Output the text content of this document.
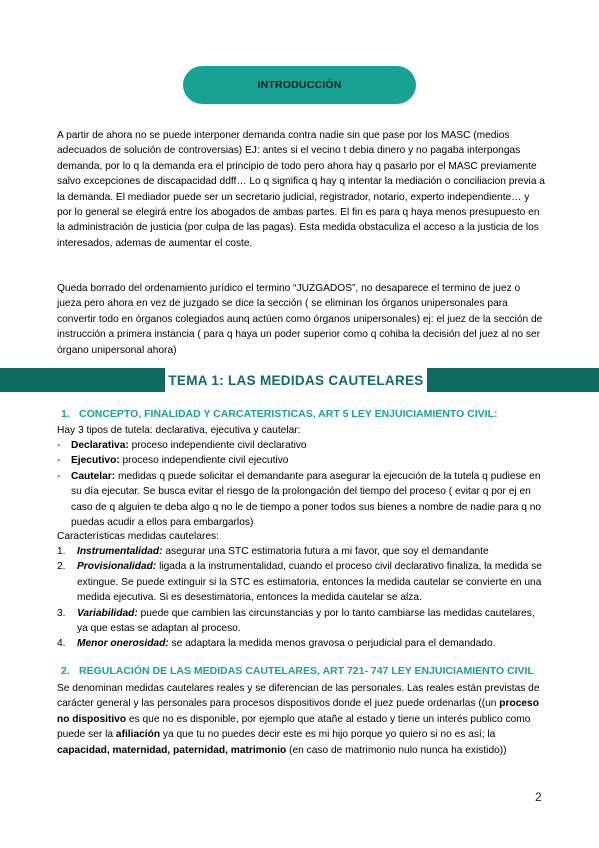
INTRODUCCIÓN

A partir de ahora no se puede interponer demanda contra nadie sin que pase por los MASC (medios adecuados de solución de controversias) EJ: antes si el vecino t debia dinero y no pagaba interpongas demanda, por lo q la demanda era el principio de todo pero ahora hay q pasarlo por el MASC previamente salvo excepciones de discapacidad ddff… Lo q significa q hay q intentar la mediación o conciliacion previa a la demanda. El mediador puede ser un secretario judicial, registrador, notario, experto independiente… y por lo general se elegirá entre los abogados de ambas partes. El fin es para q haya menos presupuesto en la administración de justicia (por culpa de las pagas). Esta medida obstaculiza el acceso a la justicia de los interesados, ademas de aumentar el coste.

Queda borrado del ordenamiento jurídico el termino “JUZGADOS”, no desaparece el termino de juez o jueza pero ahora en vez de juzgado se dice la sección ( se eliminan los órganos unipersonales para convertir todo en órganos colegiados aunq actúen como órganos unipersonales) ej: el juez de la sección de instrucción a primera instancia ( para q haya un poder superior como q cohiba la decisión del juez al no ser órgano unipersonal ahora)

TEMA 1: LAS MEDIDAS CAUTELARES

1. CONCEPTO, FINALIDAD Y CARCATERISTICAS, ART 5 LEY ENJUICIAMIENTO CIVIL:

Hay 3 tipos de tutela: declarativa, ejecutiva y cautelar:

- Declarativa: proceso independiente civil declarativo
- Ejecutivo: proceso independiente civil ejecutivo
- Cautelar: medidas q puede solicitar el demandante para asegurar la ejecución de la tutela q pudiese en su día ejecutar. Se busca evitar el riesgo de la prolongación del tiempo del proceso ( evitar q por ej en caso de q alguien te deba algo q no le de tiempo a poner todos sus bienes a nombre de nadie para q no puedas acudir a ellos para embargarlos)

Características medidas cautelares:

1. Instrumentalidad: asegurar una STC estimatoria futura a mi favor, que soy el demandante
2. Provisionalidad: ligada a la instrumentalidad, cuando el proceso civil declarativo finaliza, la medida se extingue. Se puede extinguir si la STC es estimatoria, entonces la medida cautelar se convierte en una medida ejecutiva. Si es desestimatoria, entonces la medida cautelar se alza.
3. Variabilidad: puede que cambien las circunstancias y por lo tanto cambiarse las medidas cautelares, ya que estas se adaptan al proceso.
4. Menor onerosidad: se adaptara la medida menos gravosa o perjudicial para el demandado.

2. REGULACIÓN DE LAS MEDIDAS CAUTELARES, ART 721- 747 LEY ENJUICIAMIENTO CIVIL

Se denominan medidas cautelares reales y se diferencian de las personales. Las reales están previstas de carácter general y las personales para procesos dispositivos donde el juez puede ordenarlas ((un proceso no dispositivo es que no es disponible, por ejemplo que atañe al estado y tiene un interés publico como puede ser la afiliación ya que tu no puedes decir este es mi hijo porque yo quiero si no es así; la capacidad, maternidad, paternidad, matrimonio (en caso de matrimonio nulo nunca ha existido))

2
